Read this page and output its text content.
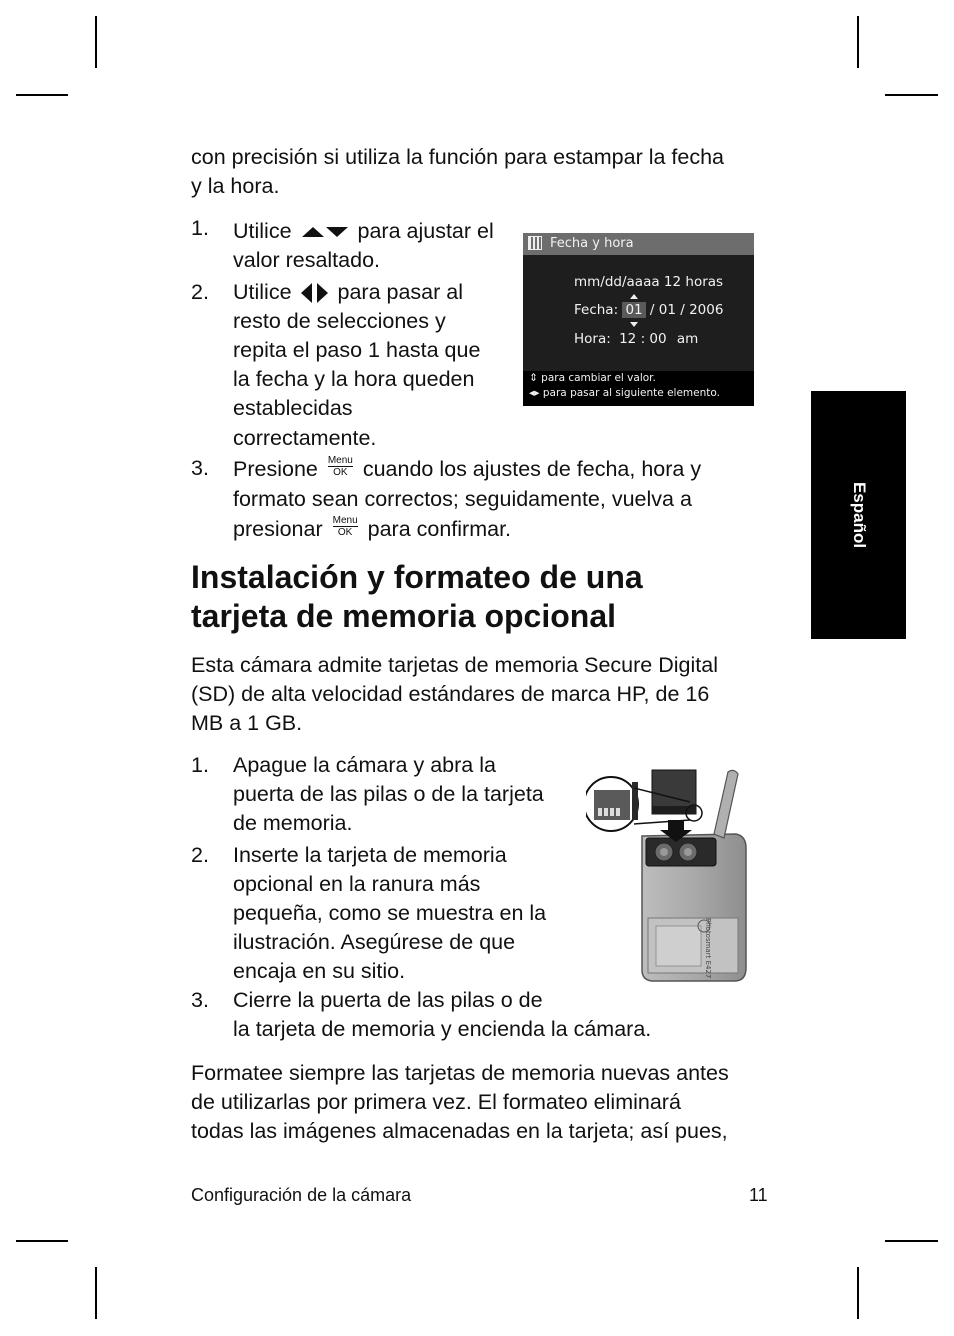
con precisión si utiliza la función para estampar la fecha
y la hora.
1. Utilice	para ajustar el
valor resaltado.
2. Utilice para pasar al
resto de selecciones y
repita el paso 1 hasta que
la fecha y la hora queden
establecidas
correctamente.
3. Presione Menu
OK cuando los ajustes de fecha, hora y
formato sean correctos; seguidamente, vuelva a
presionar Menu
OK para confirmar.
Fecha y hora
mm/dd/aaaa 12 horas
Fecha: 01 / 01 / 2006
Hora: 12 : 00 am
⇕ para cambiar el valor.
◂▸ para pasar al siguiente elemento.
Español
Instalación y formateo de una
tarjeta de memoria opcional
Esta cámara admite tarjetas de memoria Secure Digital
(SD) de alta velocidad estándares de marca HP, de 16
MB a 1 GB.
1. Apague la cámara y abra la
puerta de las pilas o de la tarjeta
de memoria.
2. Inserte la tarjeta de memoria
opcional en la ranura más
pequeña, como se muestra en la
ilustración. Asegúrese de que
encaja en su sitio.
3. Cierre la puerta de las pilas o de
la tarjeta de memoria y encienda la cámara.
Photosmart E427
Formatee siempre las tarjetas de memoria nuevas antes
de utilizarlas por primera vez. El formateo eliminará
todas las imágenes almacenadas en la tarjeta; así pues,
Configuración de la cámara	11
